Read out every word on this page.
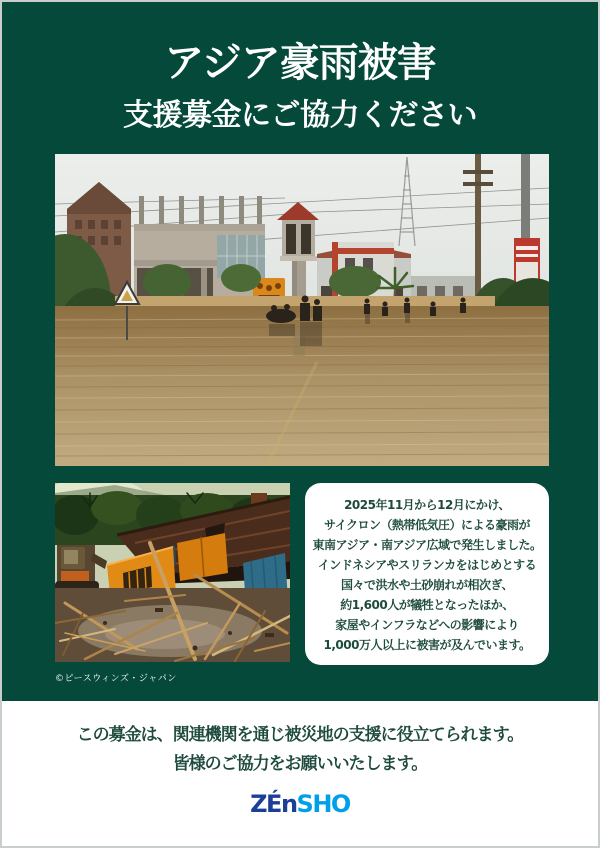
アジア豪雨被害
支援募金にご協力ください
©ピースウィンズ・ジャパン

2025年11月から12月にかけ、

サイクロン（熱帯低気圧）による豪雨が

東南アジア・南アジア広域で発生しました。

インドネシアやスリランカをはじめとする

国々で洪水や土砂崩れが相次ぎ、

約1,600人が犠牲となったほか、

家屋やインフラなどへの影響により

1,000万人以上に被害が及んでいます。

この募金は、関連機関を通じ被災地の支援に役立てられます。
皆様のご協力をお願いいたします。
ZÉnSHO
